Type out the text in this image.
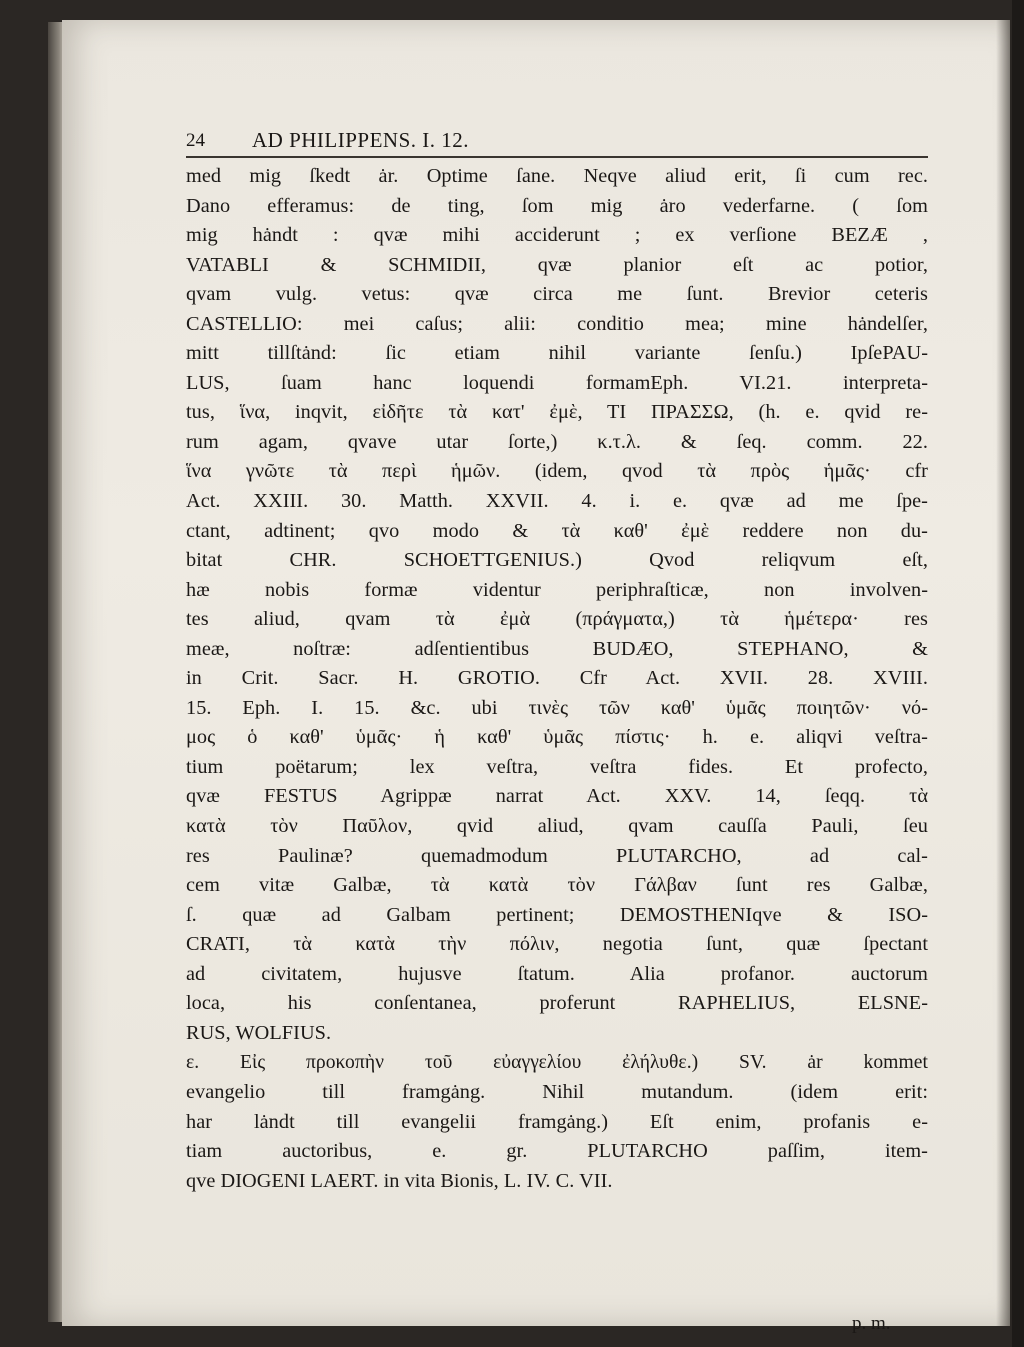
24 AD PHILIPPENS. I. 12.
med mig ſkedt ȧr. Optime ſane. Neqve aliud erit, ſi cum rec.
Dano efferamus: de ting, ſom mig ȧro vederfarne. ( ſom
mig hȧndt : qvæ mihi acciderunt ; ex verſione BEZÆ ,
VATABLI & SCHMIDII, qvæ planior eſt ac potior,
qvam vulg. vetus: qvæ circa me ſunt. Brevior ceteris
CASTELLIO: mei caſus; alii: conditio mea; mine hȧndelſer,
mitt tillſtȧnd: ſic etiam nihil variante ſenſu.) IpſePAU-
LUS, ſuam hanc loquendi formamEph. VI.21. interpreta-
tus, ἵνα, inqvit, εἰδῆτε τὰ κατ' ἐμὲ, ΤΙ ΠΡΑΣΣΩ, (h. e. qvid re-
rum agam, qvave utar ſorte,) κ.τ.λ. & ſeq. comm. 22.
ἵνα γνῶτε τὰ περὶ ἡμῶν. (idem, qvod τὰ πρὸς ἡμᾶς· cfr
Act. XXIII. 30. Matth. XXVII. 4. i. e. qvæ ad me ſpe-
ctant, adtinent; qvo modo & τὰ καθ' ἐμὲ reddere non du-
bitat CHR. SCHOETTGENIUS.) Qvod reliqvum eſt,
hæ nobis formæ videntur periphraſticæ, non involven-
tes aliud, qvam τὰ ἐμὰ (πράγματα,) τὰ ἡμέτερα· res
meæ, noſtræ: adſentientibus BUDÆO, STEPHANO, &
in Crit. Sacr. H. GROTIO. Cfr Act. XVII. 28. XVIII.
15. Eph. I. 15. &c. ubi τινὲς τῶν καθ' ὑμᾶς ποιητῶν· νό-
μος ὁ καθ' ὑμᾶς· ἡ καθ' ὑμᾶς πίστις· h. e. aliqvi veſtra-
tium poëtarum; lex veſtra, veſtra fides. Et profecto,
qvæ FESTUS Agrippæ narrat Act. XXV. 14, ſeqq. τὰ
κατὰ τὸν Παῦλον, qvid aliud, qvam cauſſa Pauli, ſeu
res Paulinæ? quemadmodum PLUTARCHO, ad cal-
cem vitæ Galbæ, τὰ κατὰ τὸν Γάλβαν ſunt res Galbæ,
ſ. quæ ad Galbam pertinent; DEMOSTHENIqve & ISO-
CRATI, τὰ κατὰ τὴν πόλιν, negotia ſunt, quæ ſpectant
ad civitatem, hujusve ſtatum. Alia profanor. auctorum
loca, his conſentanea, proferunt RAPHELIUS, ELSNE-
RUS, WOLFIUS.
ε. Εἰς προκοπὴν τοῦ εὐαγγελίου ἐλήλυθε.) SV. ȧr kommet
evangelio till framgȧng. Nihil mutandum. (idem erit:
har lȧndt till evangelii framgȧng.) Eſt enim, profanis e-
tiam auctoribus, e. gr. PLUTARCHO paſſim, item-
qve DIOGENI LAERT. in vita Bionis, L. IV. C. VII.
p. m.
